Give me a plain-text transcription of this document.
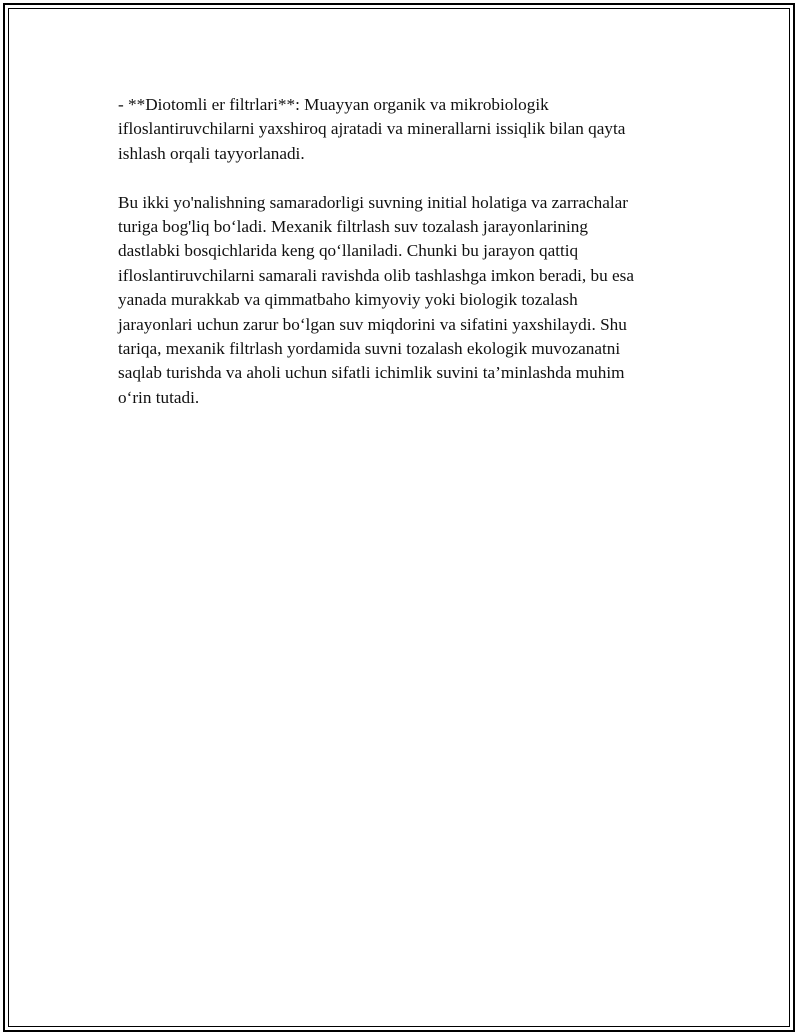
- **Diotomli er filtrlari**: Muayyan organik va mikrobiologik
ifloslantiruvchilarni yaxshiroq ajratadi va minerallarni issiqlik bilan qayta
ishlash orqali tayyorlanadi.

Bu ikki yo'nalishning samaradorligi suvning initial holatiga va zarrachalar
turiga bog'liq bo‘ladi. Mexanik filtrlash suv tozalash jarayonlarining
dastlabki bosqichlarida keng qo‘llaniladi. Chunki bu jarayon qattiq
ifloslantiruvchilarni samarali ravishda olib tashlashga imkon beradi, bu esa
yanada murakkab va qimmatbaho kimyoviy yoki biologik tozalash
jarayonlari uchun zarur bo‘lgan suv miqdorini va sifatini yaxshilaydi. Shu
tariqa, mexanik filtrlash yordamida suvni tozalash ekologik muvozanatni
saqlab turishda va aholi uchun sifatli ichimlik suvini ta’minlashda muhim
o‘rin tutadi.
